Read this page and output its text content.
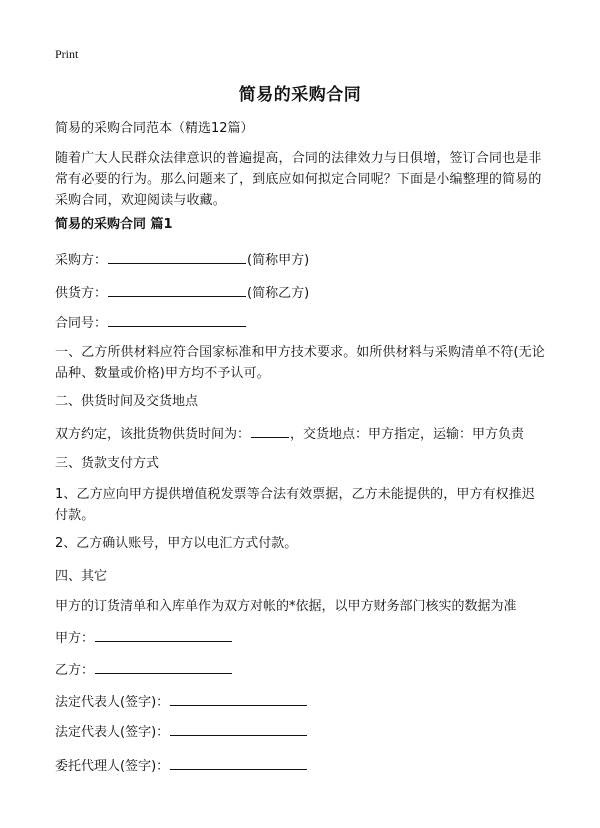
Print
简易的采购合同
简易的采购合同范本（精选12篇）
随着广大人民群众法律意识的普遍提高，合同的法律效力与日俱增，签订合同也是非常有必要的行为。那么问题来了，到底应如何拟定合同呢？下面是小编整理的简易的采购合同，欢迎阅读与收藏。
简易的采购合同 篇1
采购方：	(简称甲方)
供货方：	(简称乙方)
合同号：
一、乙方所供材料应符合国家标准和甲方技术要求。如所供材料与采购清单不符(无论品种、数量或价格)甲方均不予认可。
二、供货时间及交货地点
双方约定，该批货物供货时间为：	，交货地点：甲方指定，运输：甲方负责
三、货款支付方式
1、乙方应向甲方提供增值税发票等合法有效票据，乙方未能提供的，甲方有权推迟付款。
2、乙方确认账号，甲方以电汇方式付款。
四、其它
甲方的订货清单和入库单作为双方对帐的*依据，以甲方财务部门核实的数据为准
甲方：
乙方：
法定代表人(签字)：
法定代表人(签字)：
委托代理人(签字)：
